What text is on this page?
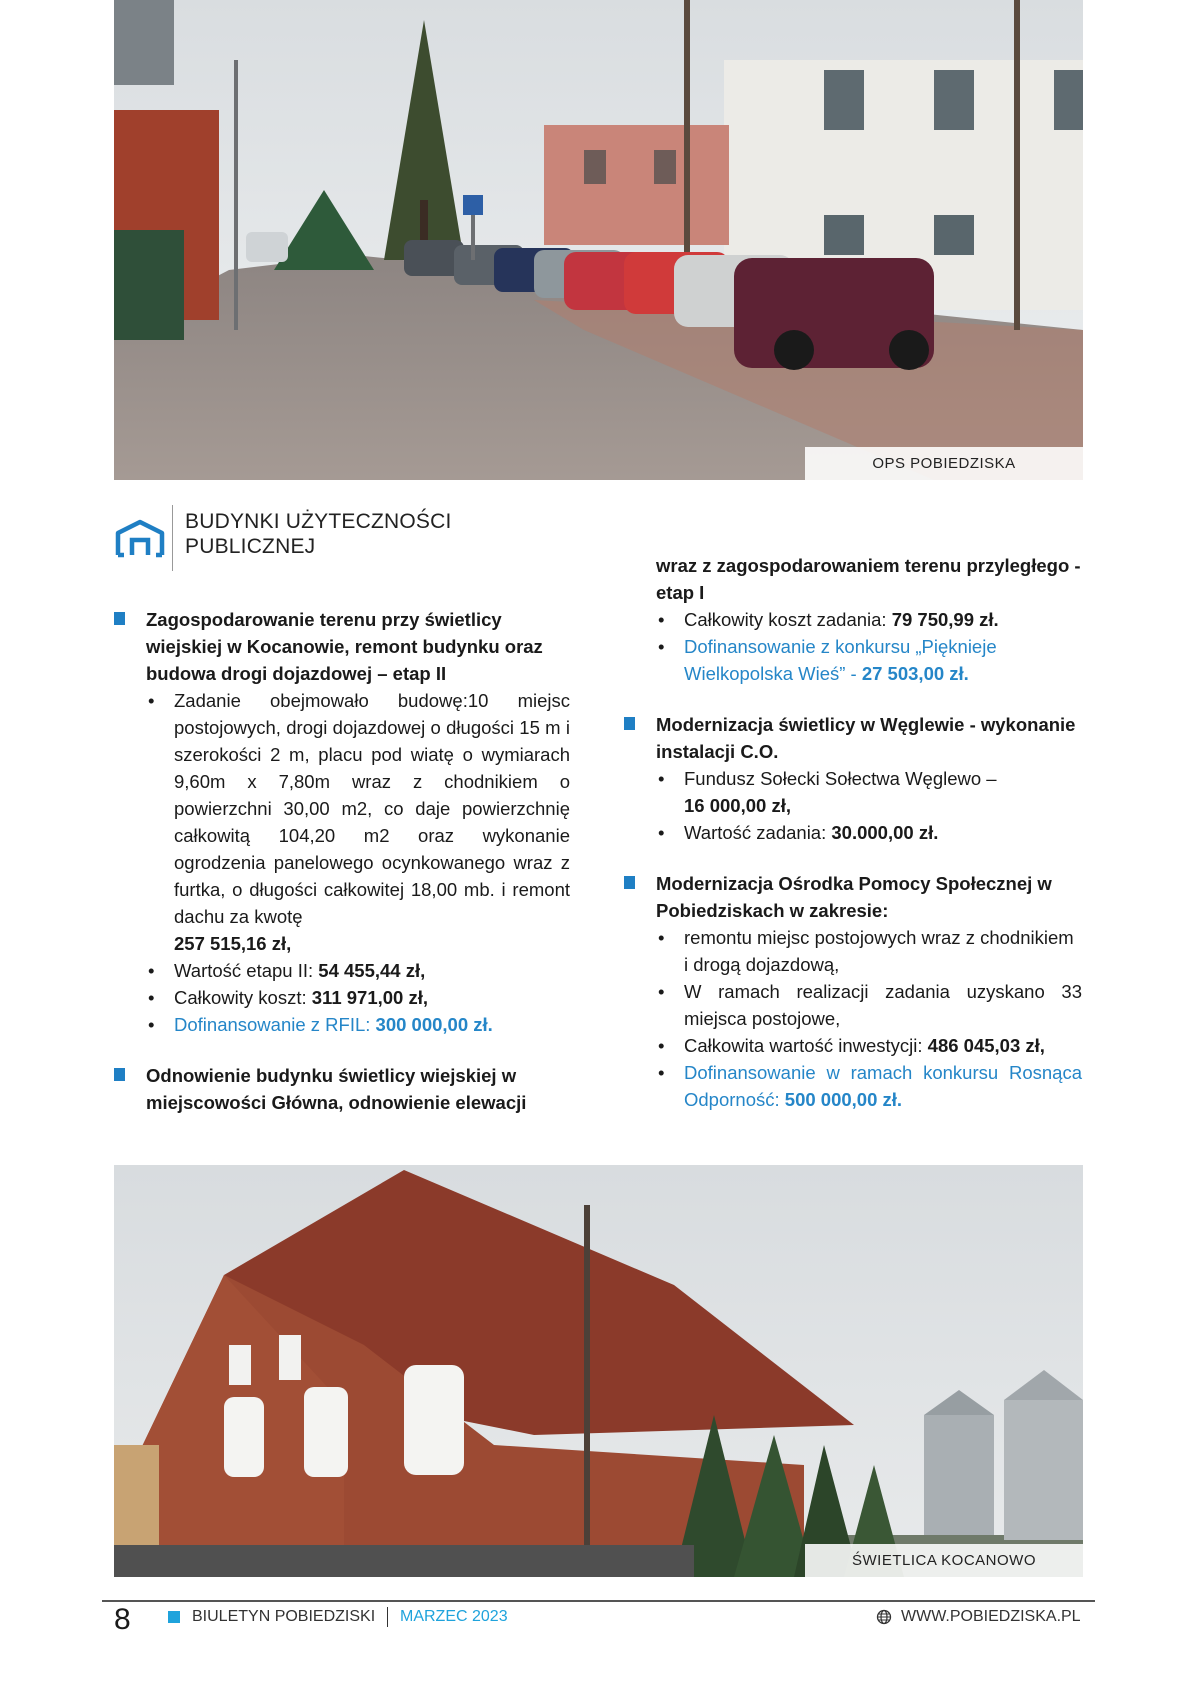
OPS POBIEDZISKA
BUDYNKI UŻYTECZNOŚCI
PUBLICZNEJ
Zagospodarowanie terenu przy świetlicy wiejskiej w Kocanowie, remont budynku oraz budowa drogi dojazdowej – etap II
• Zadanie obejmowało budowę:10 miejsc postojowych, drogi dojazdowej o długości 15 m i szerokości 2 m, placu pod wiatę o wymiarach 9,60m x 7,80m wraz z chodnikiem o powierzchni 30,00 m2, co daje powierzchnię całkowitą 104,20 m2 oraz wykonanie ogrodzenia panelowego ocynkowanego wraz z furtka, o długości całkowitej 18,00 mb. i remont dachu za kwotę
257 515,16 zł,
• Wartość etapu II: 54 455,44 zł,
• Całkowity koszt: 311 971,00 zł,
• Dofinansowanie z RFIL: 300 000,00 zł.
Odnowienie budynku świetlicy wiejskiej w miejscowości Główna, odnowienie elewacji
wraz z zagospodarowaniem terenu przyległego - etap I
• Całkowity koszt zadania: 79 750,99 zł.
• Dofinansowanie z konkursu „Pięknieje Wielkopolska Wieś” - 27 503,00 zł.
Modernizacja świetlicy w Węglewie - wykonanie instalacji C.O.
• Fundusz Sołecki Sołectwa Węglewo –
16 000,00 zł,
• Wartość zadania: 30.000,00 zł.
Modernizacja Ośrodka Pomocy Społecznej w Pobiedziskach w zakresie:
• remontu miejsc postojowych wraz z chodnikiem i drogą dojazdową,
• W ramach realizacji zadania uzyskano 33 miejsca postojowe,
• Całkowita wartość inwestycji: 486 045,03 zł,
• Dofinansowanie w ramach konkursu Rosnąca Odporność: 500 000,00 zł.
ŚWIETLICA KOCANOWO
8	BIULETYN POBIEDZISKI MARZEC 2023	WWW.POBIEDZISKA.PL
